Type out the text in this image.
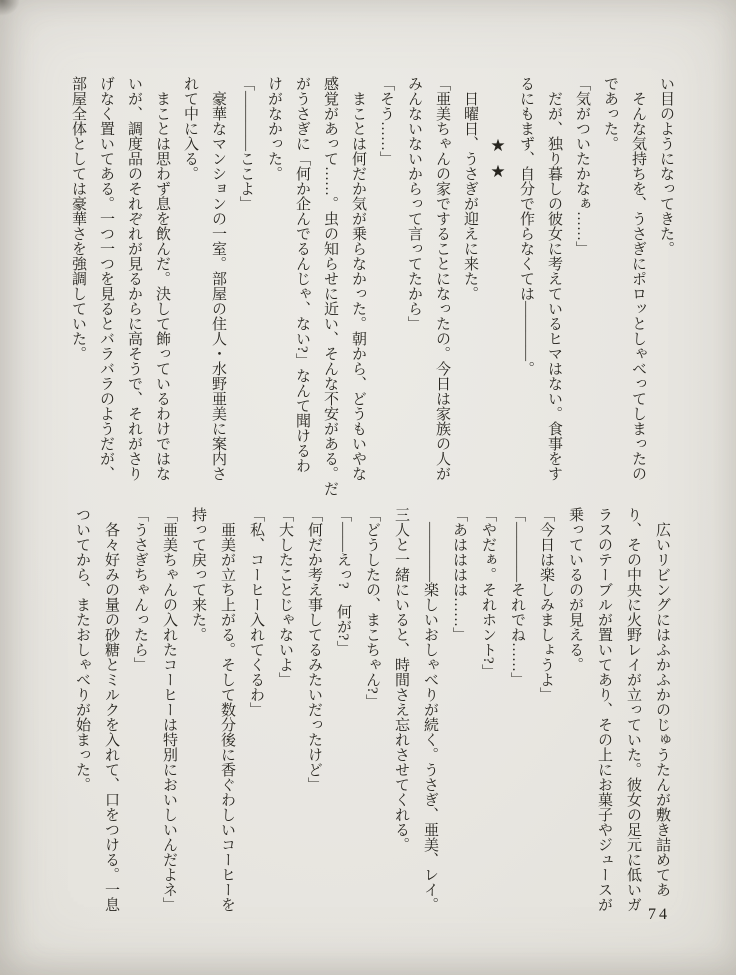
い目のようになってきた。
そんな気持ちを、うさぎにポロッとしゃべってしまったの
であった。
「気がついたかなぁ……」
だが、独り暮しの彼女に考えているヒマはない。食事をす
るにもまず、自分で作らなくては――――。
★★
日曜日、うさぎが迎えに来た。
「亜美ちゃんの家ですることになったの。今日は家族の人が
みんないないからって言ってたから」
「そう……」
まことは何だか気が乗らなかった。朝から、どうもいやな
感覚があって……。虫の知らせに近い、そんな不安がある。だ
がうさぎに「何か企んでるんじゃ、ない?」なんて聞けるわ
けがなかった。
「――――ここよ」
豪華なマンションの一室。部屋の住人・水野亜美に案内さ
れて中に入る。
まことは思わず息を飲んだ。決して飾っているわけではな
いが、調度品のそれぞれが見るからに高そうで、それがさり
げなく置いてある。一つ一つを見るとバラバラのようだが、
部屋全体としては豪華さを強調していた。
広いリビングにはふかふかのじゅうたんが敷き詰めてあ
り、その中央に火野レイが立っていた。彼女の足元に低いガ
ラスのテーブルが置いてあり、その上にお菓子やジュースが
乗っているのが見える。
「今日は楽しみましょうよ」
「――――それでね……」
「やだぁ。それホント?」
「あはははは……」
――――楽しいおしゃべりが続く。うさぎ、亜美、レイ。
三人と一緒にいると、時間さえ忘れさせてくれる。
「どうしたの、まこちゃん?」
「――えっ?　何が?」
「何だか考え事してるみたいだったけど」
「大したことじゃないよ」
「私、コーヒー入れてくるわ」
亜美が立ち上がる。そして数分後に香ぐわしいコーヒーを
持って戻って来た。
「亜美ちゃんの入れたコーヒーは特別においしいんだよネ」
「うさぎちゃんったら」
各々好みの量の砂糖とミルクを入れて、口をつける。一息
ついてから、またおしゃべりが始まった。
74
